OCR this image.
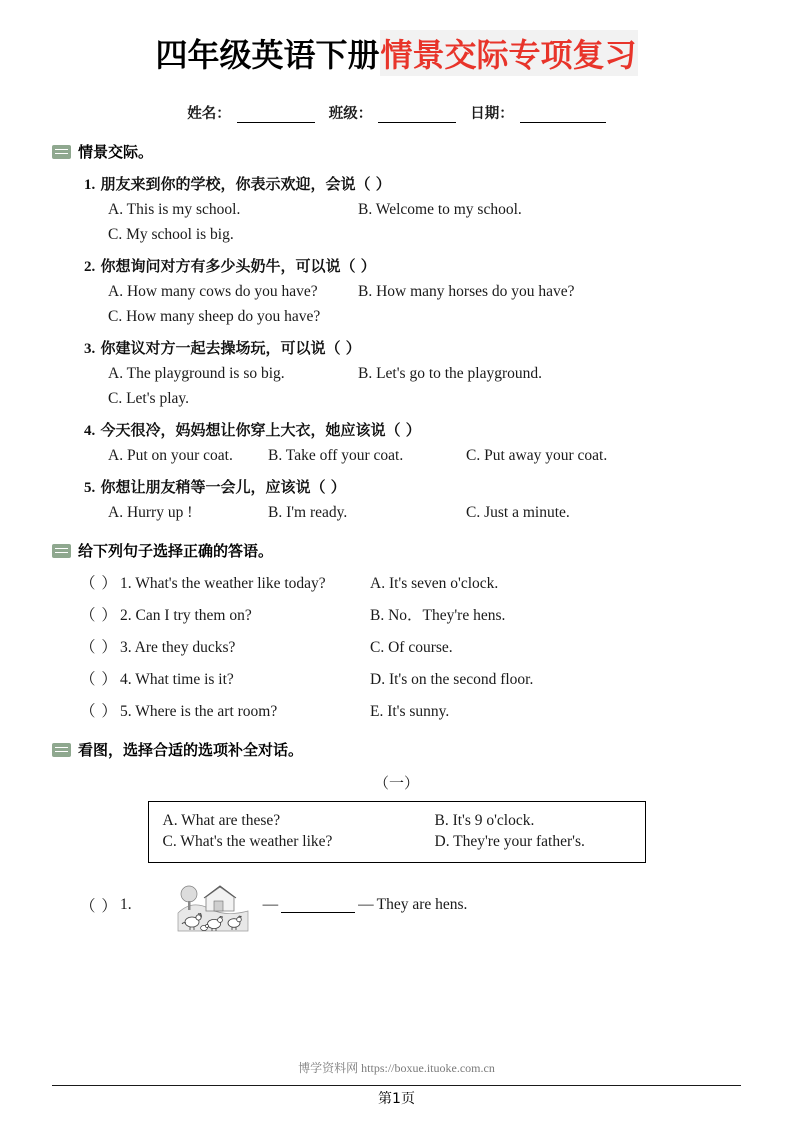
四年级英语下册 情景交际专项复习
姓名：	班级：	日期：
情景交际。
1. 朋友来到你的学校，你表示欢迎，会说（ ）
A. This is my school.	B. Welcome to my school.
C. My school is big.
2. 你想询问对方有多少头奶牛，可以说（ ）
A. How many cows do you have?	B. How many horses do you have?
C. How many sheep do you have?
3. 你建议对方一起去操场玩，可以说（ ）
A. The playground is so big.	B. Let's go to the playground.
C. Let's play.
4. 今天很冷，妈妈想让你穿上大衣，她应该说（ ）
A. Put on your coat.	B. Take off your coat.	C. Put away your coat.
5. 你想让朋友稍等一会儿，应该说（ ）
A. Hurry up !	B. I'm ready.	C. Just a minute.
给下列句子选择正确的答语。
（ ） 1. What's the weather like today?	A. It's seven o'clock.
（ ） 2. Can I try them on?	B. No．They're hens.
（ ） 3. Are they ducks?	C. Of course.
（ ） 4. What time is it?	D. It's on the second floor.
（ ） 5. Where is the art room?	E. It's sunny.
看图，选择合适的选项补全对话。
（一）
A. What are these?	B. It's 9 o'clock.
C. What's the weather like?	D. They're your father's.
（ ） 1.	—	— They are hens.
博学资料网 https://boxue.ituoke.com.cn
第1页
